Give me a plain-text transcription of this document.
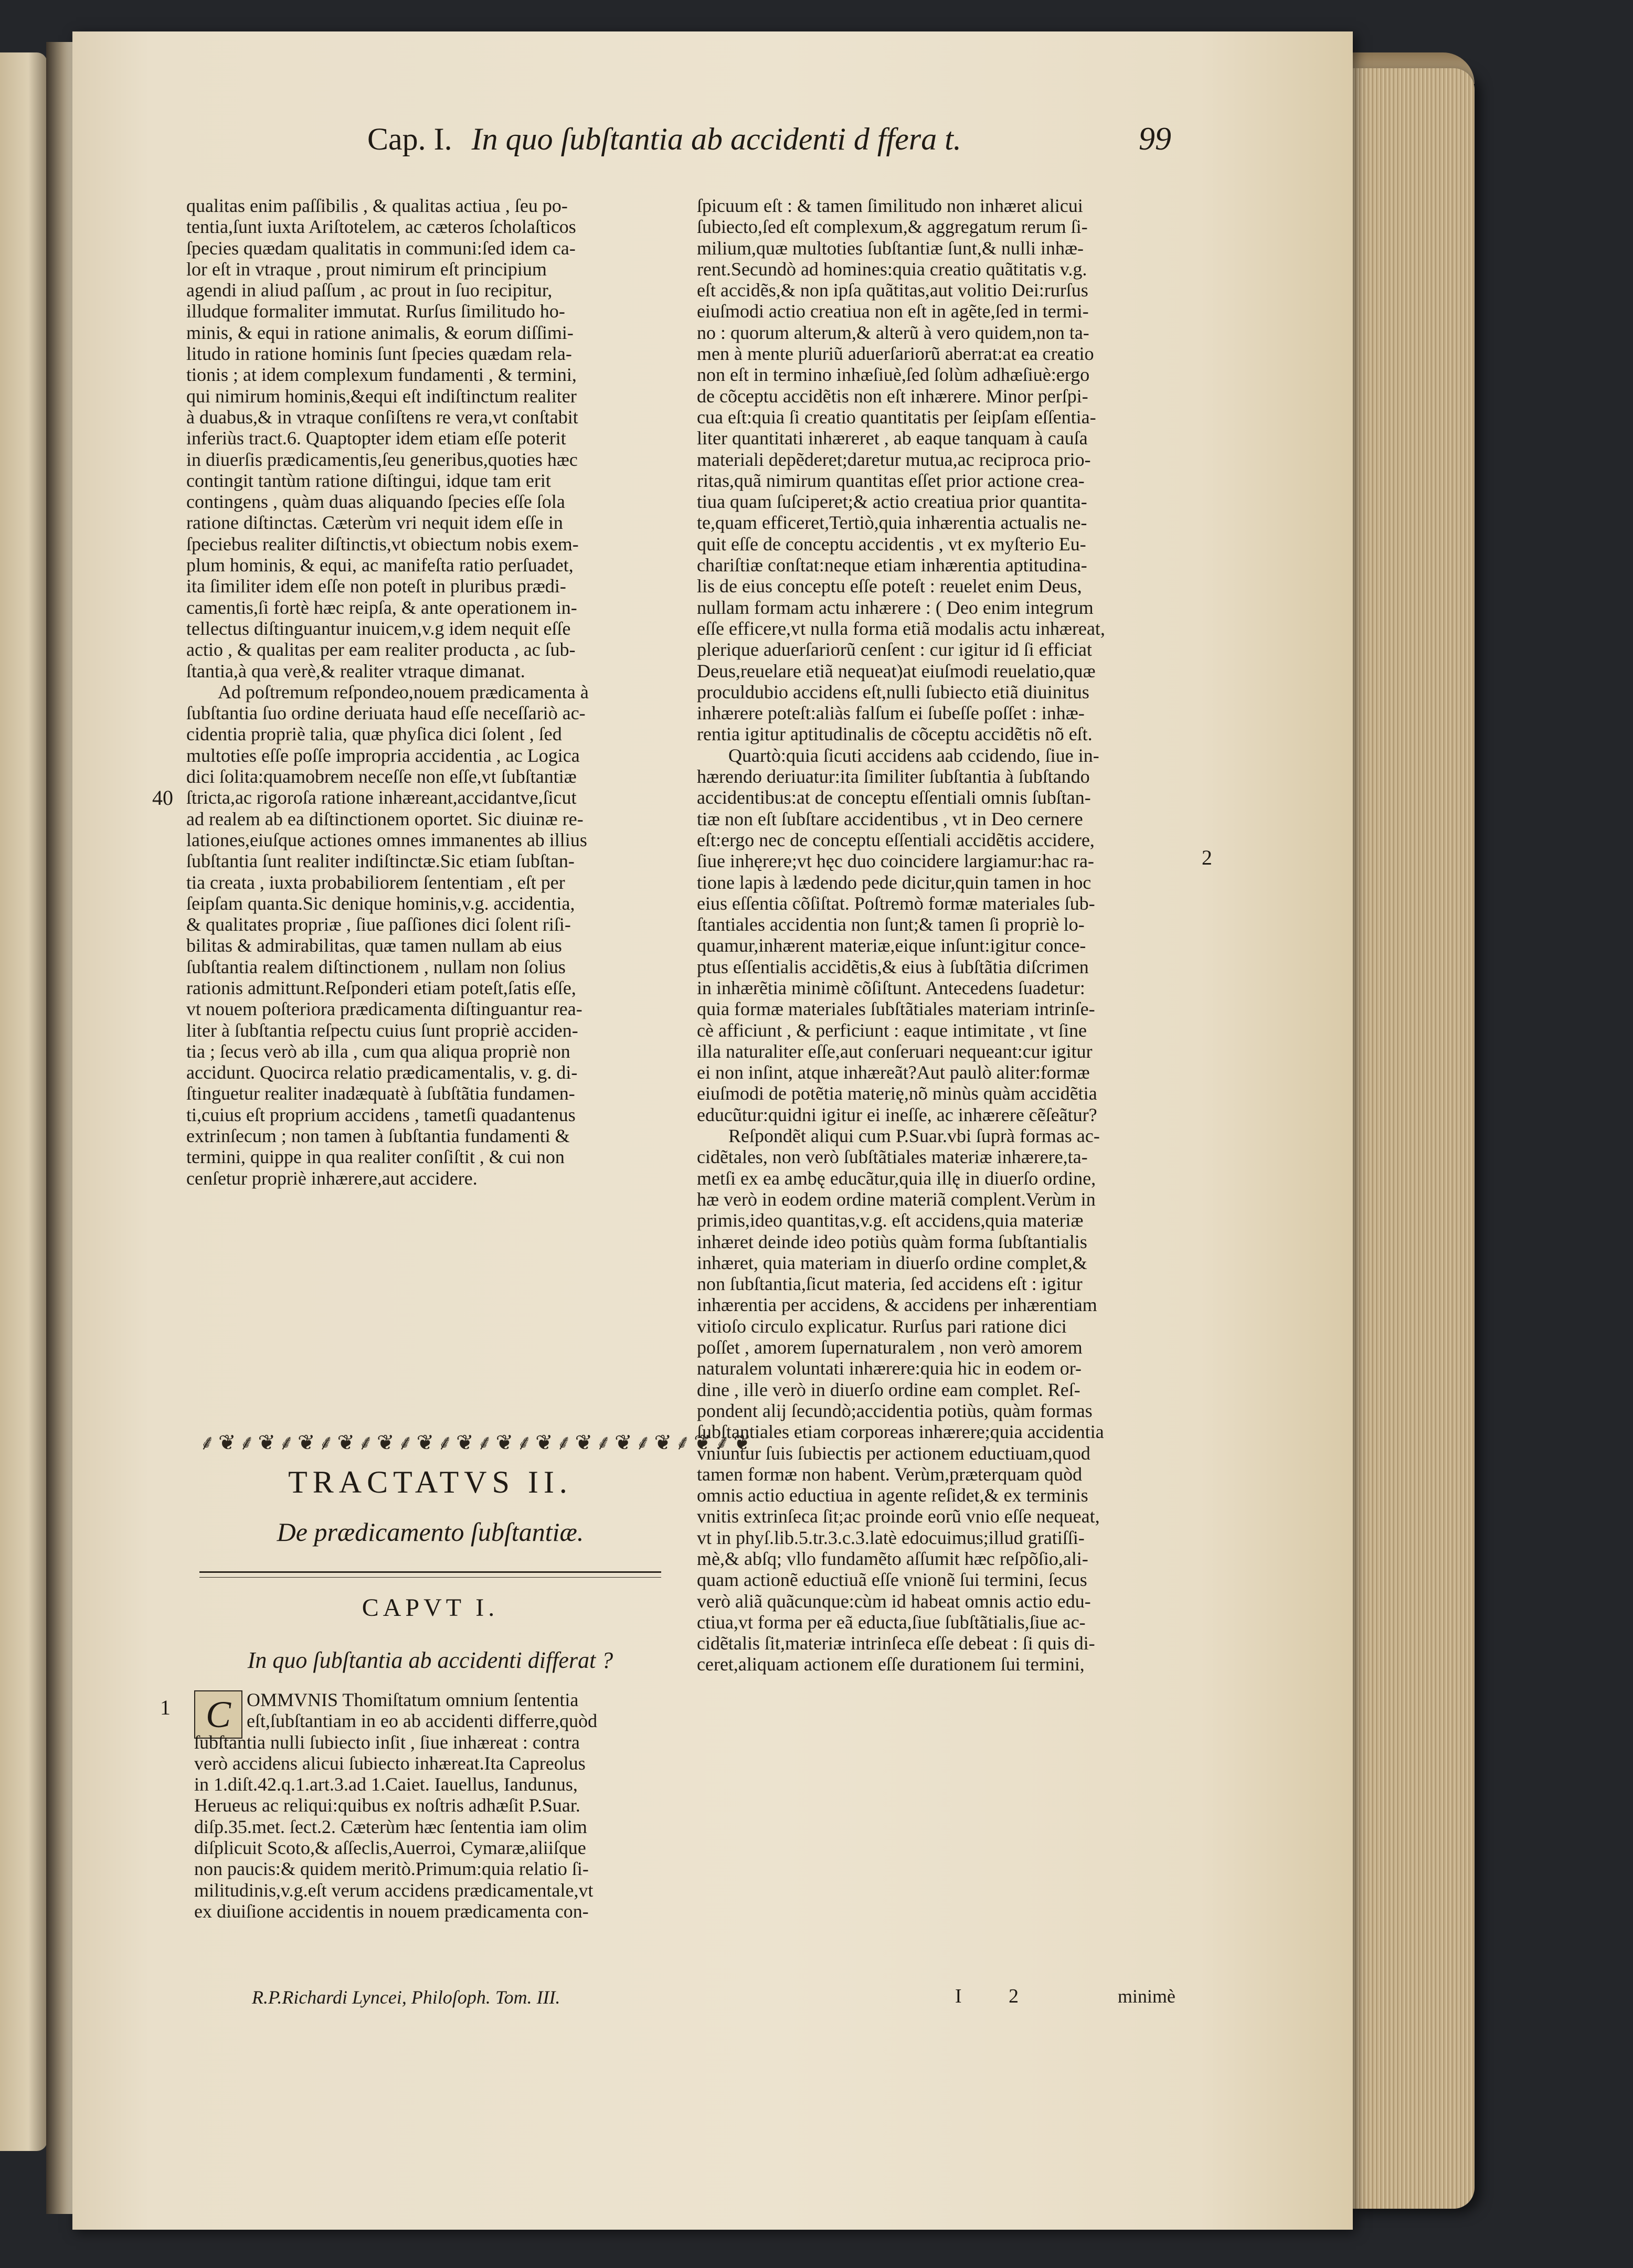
Cap. I. In quo ſubſtantia ab accidenti d ffera t.	99
qualitas enim paſſibilis , & qualitas actiua , ſeu po-
tentia,ſunt iuxta Ariſtotelem, ac cæteros ſcholaſticos
ſpecies quædam qualitatis in communi:ſed idem ca-
lor eſt in vtraque , prout nimirum eſt principium
agendi in aliud paſſum , ac prout in ſuo recipitur,
illudque formaliter immutat. Rurſus ſimilitudo ho-
minis, & equi in ratione animalis, & eorum diſſimi-
litudo in ratione hominis ſunt ſpecies quædam rela-
tionis ; at idem complexum fundamenti , & termini,
qui nimirum hominis,&equi eſt indiſtinctum realiter
à duabus,& in vtraque conſiſtens re vera,vt conſtabit
inferiùs tract.6. Quaptopter idem etiam eſſe poterit
in diuerſis prædicamentis,ſeu generibus,quoties hæc
contingit tantùm ratione diſtingui, idque tam erit
contingens , quàm duas aliquando ſpecies eſſe ſola
ratione diſtinctas. Cæterùm vri nequit idem eſſe in
ſpeciebus realiter diſtinctis,vt obiectum nobis exem-
plum hominis, & equi, ac manifeſta ratio perſuadet,
ita ſimiliter idem eſſe non poteſt in pluribus prædi-
camentis,ſi fortè hæc reipſa, & ante operationem in-
tellectus diſtinguantur inuicem,v.g idem nequit eſſe
actio , & qualitas per eam realiter producta , ac ſub-
ſtantia,à qua verè,& realiter vtraque dimanat.
Ad poſtremum reſpondeo,nouem prædicamenta à
ſubſtantia ſuo ordine deriuata haud eſſe neceſſariò ac-
cidentia propriè talia, quæ phyſica dici ſolent , ſed
multoties eſſe poſſe impropria accidentia , ac Logica
dici ſolita:quamobrem neceſſe non eſſe,vt ſubſtantiæ
ſtricta,ac rigoroſa ratione inhæreant,accidantve,ſicut
ad realem ab ea diſtinctionem oportet. Sic diuinæ re-
lationes,eiuſque actiones omnes immanentes ab illius
ſubſtantia ſunt realiter indiſtinctæ.Sic etiam ſubſtan-
tia creata , iuxta probabiliorem ſententiam , eſt per
ſeipſam quanta.Sic denique hominis,v.g. accidentia,
& qualitates propriæ , ſiue paſſiones dici ſolent riſi-
bilitas & admirabilitas, quæ tamen nullam ab eius
ſubſtantia realem diſtinctionem , nullam non ſolius
rationis admittunt.Reſponderi etiam poteſt,ſatis eſſe,
vt nouem poſteriora prædicamenta diſtinguantur rea-
liter à ſubſtantia reſpectu cuius ſunt propriè acciden-
tia ; ſecus verò ab illa , cum qua aliqua propriè non
accidunt. Quocirca relatio prædicamentalis, v. g. di-
ſtinguetur realiter inadæquatè à ſubſtãtia fundamen-
ti,cuius eſt proprium accidens , tametſi quadantenus
extrinſecum ; non tamen à ſubſtantia fundamenti &
termini, quippe in qua realiter conſiſtit , & cui non
cenſetur propriè inhærere,aut accidere.
40
⸙❦⸙❦⸙❦⸙❦⸙❦⸙❦⸙❦⸙❦⸙❦⸙❦⸙❦⸙❦⸙❦⸙❦
TRACTATVS II.
De prædicamento ſubſtantiæ.
CAPVT I.
In quo ſubſtantia ab accidenti differat ?
1 C OMMVNIS Thomiſtatum omnium ſententia
eſt,ſubſtantiam in eo ab accidenti differre,quòd
ſubſtantia nulli ſubiecto inſit , ſiue inhæreat : contra
verò accidens alicui ſubiecto inhæreat.Ita Capreolus
in 1.diſt.42.q.1.art.3.ad 1.Caiet. Iauellus, Iandunus,
Herueus ac reliqui:quibus ex noſtris adhæſit P.Suar.
diſp.35.met. ſect.2. Cæterùm hæc ſententia iam olim
diſplicuit Scoto,& aſſeclis,Auerroi, Cymaræ,aliiſque
non paucis:& quidem meritò.Primum:quia relatio ſi-
militudinis,v.g.eſt verum accidens prædicamentale,vt
ex diuiſione accidentis in nouem prædicamenta con-
R.P.Richardi Lyncei, Philoſoph. Tom. III.
ſpicuum eſt : & tamen ſimilitudo non inhæret alicui
ſubiecto,ſed eſt complexum,& aggregatum rerum ſi-
milium,quæ multoties ſubſtantiæ ſunt,& nulli inhæ-
rent.Secundò ad homines:quia creatio quãtitatis v.g.
eſt accidẽs,& non ipſa quãtitas,aut volitio Dei:rurſus
eiuſmodi actio creatiua non eſt in agẽte,ſed in termi-
no : quorum alterum,& alterũ à vero quidem,non ta-
men à mente pluriũ aduerſariorũ aberrat:at ea creatio
non eſt in termino inhæſiuè,ſed ſolùm adhæſiuè:ergo
de cõceptu accidẽtis non eſt inhærere. Minor perſpi-
cua eſt:quia ſi creatio quantitatis per ſeipſam eſſentia-
liter quantitati inhæreret , ab eaque tanquam à cauſa
materiali depẽderet;daretur mutua,ac reciproca prio-
ritas,quã nimirum quantitas eſſet prior actione crea-
tiua quam ſuſciperet;& actio creatiua prior quantita-
te,quam efficeret,Tertiò,quia inhærentia actualis ne-
quit eſſe de conceptu accidentis , vt ex myſterio Eu-
chariſtiæ conſtat:neque etiam inhærentia aptitudina-
lis de eius conceptu eſſe poteſt : reuelet enim Deus,
nullam formam actu inhærere : ( Deo enim integrum
eſſe efficere,vt nulla forma etiã modalis actu inhæreat,
plerique aduerſariorũ cenſent : cur igitur id ſi efficiat
Deus,reuelare etiã nequeat)at eiuſmodi reuelatio,quæ
proculdubio accidens eſt,nulli ſubiecto etiã diuinitus
inhærere poteſt:aliàs falſum ei ſubeſſe poſſet : inhæ-
rentia igitur aptitudinalis de cõceptu accidẽtis nõ eſt.
Quartò:quia ſicuti accidens aab ccidendo, ſiue in-
hærendo deriuatur:ita ſimiliter ſubſtantia à ſubſtando
accidentibus:at de conceptu eſſentiali omnis ſubſtan-
tiæ non eſt ſubſtare accidentibus , vt in Deo cernere
eſt:ergo nec de conceptu eſſentiali accidẽtis accidere,
ſiue inhęrere;vt hęc duo coincidere largiamur:hac ra-
tione lapis à lædendo pede dicitur,quin tamen in hoc
eius eſſentia cõſiſtat. Poſtremò formæ materiales ſub-
ſtantiales accidentia non ſunt;& tamen ſi propriè lo-
quamur,inhærent materiæ,eique inſunt:igitur conce-
ptus eſſentialis accidẽtis,& eius à ſubſtãtia diſcrimen
in inhærẽtia minimè cõſiſtunt. Antecedens ſuadetur:
quia formæ materiales ſubſtãtiales materiam intrinſe-
cè afficiunt , & perficiunt : eaque intimitate , vt ſine
illa naturaliter eſſe,aut conſeruari nequeant:cur igitur
ei non inſint, atque inhæreãt?Aut paulò aliter:formæ
eiuſmodi de potẽtia materię,nõ minùs quàm accidẽtia
educũtur:quidni igitur ei ineſſe, ac inhærere cẽſeãtur?
Reſpondẽt aliqui cum P.Suar.vbi ſuprà formas ac-
cidẽtales, non verò ſubſtãtiales materiæ inhærere,ta-
metſi ex ea ambę educãtur,quia illę in diuerſo ordine,
hæ verò in eodem ordine materiã complent.Verùm in
primis,ideo quantitas,v.g. eſt accidens,quia materiæ
inhæret deinde ideo potiùs quàm forma ſubſtantialis
inhæret, quia materiam in diuerſo ordine complet,&
non ſubſtantia,ſicut materia, ſed accidens eſt : igitur
inhærentia per accidens, & accidens per inhærentiam
vitioſo circulo explicatur. Rurſus pari ratione dici
poſſet , amorem ſupernaturalem , non verò amorem
naturalem voluntati inhærere:quia hic in eodem or-
dine , ille verò in diuerſo ordine eam complet. Reſ-
pondent alij ſecundò;accidentia potiùs, quàm formas
ſubſtantiales etiam corporeas inhærere;quia accidentia
vniuntur ſuis ſubiectis per actionem eductiuam,quod
tamen formæ non habent. Verùm,præterquam quòd
omnis actio eductiua in agente reſidet,& ex terminis
vnitis extrinſeca ſit;ac proinde eorũ vnio eſſe nequeat,
vt in phyſ.lib.5.tr.3.c.3.latè edocuimus;illud gratiſſi-
mè,& abſq; vllo fundamẽto aſſumit hæc reſpõſio,ali-
quam actionẽ eductiuã eſſe vnionẽ ſui termini, ſecus
verò aliã quãcunque:cùm id habeat omnis actio edu-
ctiua,vt forma per eã educta,ſiue ſubſtãtialis,ſiue ac-
cidẽtalis ſit,materiæ intrinſeca eſſe debeat : ſi quis di-
ceret,aliquam actionem eſſe durationem ſui termini,
2
I 2	minimè
